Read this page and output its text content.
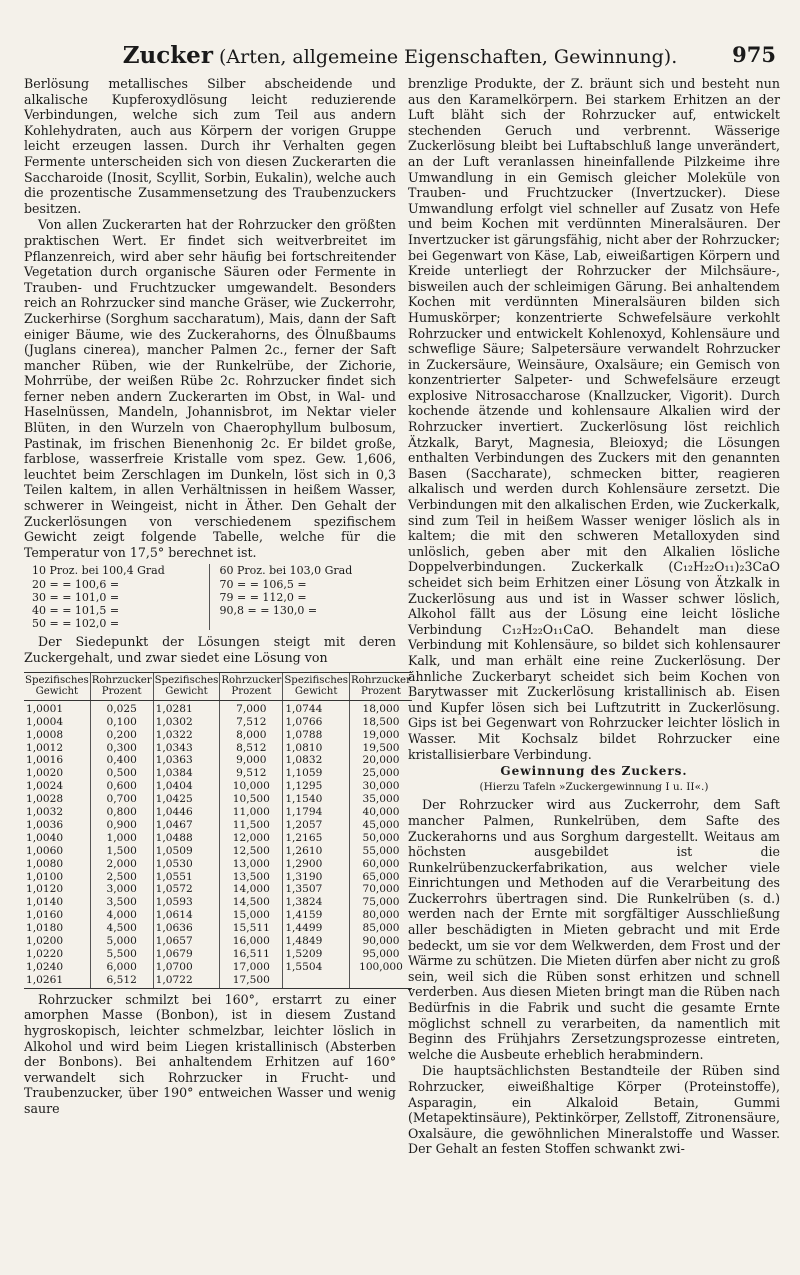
Zucker (Arten, allgemeine Eigenschaften, Gewinnung).	975

Berlösung metallisches Silber abscheidende und alkalische Kupferoxydlösung leicht reduzierende Verbindungen, welche sich zum Teil aus andern Kohlehydraten, auch aus Körpern der vorigen Gruppe leicht erzeugen lassen. Durch ihr Verhalten gegen Fermente unterscheiden sich von diesen Zuckerarten die Saccharoide (Inosit, Scyllit, Sorbin, Eukalin), welche auch die prozentische Zusammensetzung des Traubenzuckers besitzen.

Von allen Zuckerarten hat der Rohrzucker den größten praktischen Wert. Er findet sich weitverbreitet im Pflanzenreich, wird aber sehr häufig bei fortschreitender Vegetation durch organische Säuren oder Fermente in Trauben- und Fruchtzucker umgewandelt. Besonders reich an Rohrzucker sind manche Gräser, wie Zuckerrohr, Zuckerhirse (Sorghum saccharatum), Mais, dann der Saft einiger Bäume, wie des Zuckerahorns, des Ölnußbaums (Juglans cinerea), mancher Palmen 2c., ferner der Saft mancher Rüben, wie der Runkelrübe, der Zichorie, Mohrrübe, der weißen Rübe 2c. Rohrzucker findet sich ferner neben andern Zuckerarten im Obst, in Wal- und Haselnüssen, Mandeln, Johannisbrot, im Nektar vieler Blüten, in den Wurzeln von Chaerophyllum bulbosum, Pastinak, im frischen Bienenhonig 2c. Er bildet große, farblose, wasserfreie Kristalle vom spez. Gew. 1,606, leuchtet beim Zerschlagen im Dunkeln, löst sich in 0,3 Teilen kaltem, in allen Verhältnissen in heißem Wasser, schwerer in Weingeist, nicht in Äther. Den Gehalt der Zuckerlösungen von verschiedenem spezifischem Gewicht zeigt folgende Tabelle, welche für die Temperatur von 17,5° berechnet ist.

10 Proz. bei 100,4 Grad
20 = = 100,6 =
30 = = 101,0 =
40 = = 101,5 =
50 = = 102,0 =
60 Proz. bei 103,0 Grad
70 = = 106,5 =
79 = = 112,0 =
90,8 = = 130,0 =

Der Siedepunkt der Lösungen steigt mit deren Zuckergehalt, und zwar siedet eine Lösung von

Spezifisches Gewicht	Rohrzucker Prozent	Spezifisches Gewicht	Rohrzucker Prozent	Spezifisches Gewicht	Rohrzucker Prozent
1,0001	0,025	1,0281	7,000	1,0744	18,000
1,0004	0,100	1,0302	7,512	1,0766	18,500
1,0008	0,200	1,0322	8,000	1,0788	19,000
1,0012	0,300	1,0343	8,512	1,0810	19,500
1,0016	0,400	1,0363	9,000	1,0832	20,000
1,0020	0,500	1,0384	9,512	1,1059	25,000
1,0024	0,600	1,0404	10,000	1,1295	30,000
1,0028	0,700	1,0425	10,500	1,1540	35,000
1,0032	0,800	1,0446	11,000	1,1794	40,000
1,0036	0,900	1,0467	11,500	1,2057	45,000
1,0040	1,000	1,0488	12,000	1,2165	50,000
1,0060	1,500	1,0509	12,500	1,2610	55,000
1,0080	2,000	1,0530	13,000	1,2900	60,000
1,0100	2,500	1,0551	13,500	1,3190	65,000
1,0120	3,000	1,0572	14,000	1,3507	70,000
1,0140	3,500	1,0593	14,500	1,3824	75,000
1,0160	4,000	1,0614	15,000	1,4159	80,000
1,0180	4,500	1,0636	15,511	1,4499	85,000
1,0200	5,000	1,0657	16,000	1,4849	90,000
1,0220	5,500	1,0679	16,511	1,5209	95,000
1,0240	6,000	1,0700	17,000	1,5504	100,000
1,0261	6,512	1,0722	17,500		

Rohrzucker schmilzt bei 160°, erstarrt zu einer amorphen Masse (Bonbon), ist in diesem Zustand hygroskopisch, leichter schmelzbar, leichter löslich in Alkohol und wird beim Liegen kristallinisch (Absterben der Bonbons). Bei anhaltendem Erhitzen auf 160° verwandelt sich Rohrzucker in Frucht- und Traubenzucker, über 190° entweichen Wasser und wenig saure

brenzlige Produkte, der Z. bräunt sich und besteht nun aus den Karamelkörpern. Bei starkem Erhitzen an der Luft bläht sich der Rohrzucker auf, entwickelt stechenden Geruch und verbrennt. Wässerige Zuckerlösung bleibt bei Luftabschluß lange unverändert, an der Luft veranlassen hineinfallende Pilzkeime ihre Umwandlung in ein Gemisch gleicher Moleküle von Trauben- und Fruchtzucker (Invertzucker). Diese Umwandlung erfolgt viel schneller auf Zusatz von Hefe und beim Kochen mit verdünnten Mineralsäuren. Der Invertzucker ist gärungsfähig, nicht aber der Rohrzucker; bei Gegenwart von Käse, Lab, eiweißartigen Körpern und Kreide unterliegt der Rohrzucker der Milchsäure-, bisweilen auch der schleimigen Gärung. Bei anhaltendem Kochen mit verdünnten Mineralsäuren bilden sich Humuskörper; konzentrierte Schwefelsäure verkohlt Rohrzucker und entwickelt Kohlenoxyd, Kohlensäure und schweflige Säure; Salpetersäure verwandelt Rohrzucker in Zuckersäure, Weinsäure, Oxalsäure; ein Gemisch von konzentrierter Salpeter- und Schwefelsäure erzeugt explosive Nitrosaccharose (Knallzucker, Vigorit). Durch kochende ätzende und kohlensaure Alkalien wird der Rohrzucker invertiert. Zuckerlösung löst reichlich Ätzkalk, Baryt, Magnesia, Bleioxyd; die Lösungen enthalten Verbindungen des Zuckers mit den genannten Basen (Saccharate), schmecken bitter, reagieren alkalisch und werden durch Kohlensäure zersetzt. Die Verbindungen mit den alkalischen Erden, wie Zuckerkalk, sind zum Teil in heißem Wasser weniger löslich als in kaltem; die mit den schweren Metalloxyden sind unlöslich, geben aber mit den Alkalien lösliche Doppelverbindungen. Zuckerkalk (C₁₂H₂₂O₁₁)₂3CaO scheidet sich beim Erhitzen einer Lösung von Ätzkalk in Zuckerlösung aus und ist in Wasser schwer löslich, Alkohol fällt aus der Lösung eine leicht lösliche Verbindung C₁₂H₂₂O₁₁CaO. Behandelt man diese Verbindung mit Kohlensäure, so bildet sich kohlensaurer Kalk, und man erhält eine reine Zuckerlösung. Der ähnliche Zuckerbaryt scheidet sich beim Kochen von Barytwasser mit Zuckerlösung kristallinisch ab. Eisen und Kupfer lösen sich bei Luftzutritt in Zuckerlösung. Gips ist bei Gegenwart von Rohrzucker leichter löslich in Wasser. Mit Kochsalz bildet Rohrzucker eine kristallisierbare Verbindung.

Gewinnung des Zuckers.
(Hierzu Tafeln »Zuckergewinnung I u. II«.)

Der Rohrzucker wird aus Zuckerrohr, dem Saft mancher Palmen, Runkelrüben, dem Safte des Zuckerahorns und aus Sorghum dargestellt. Weitaus am höchsten ausgebildet ist die Runkelrübenzuckerfabrikation, aus welcher viele Einrichtungen und Methoden auf die Verarbeitung des Zuckerrohrs übertragen sind. Die Runkelrüben (s. d.) werden nach der Ernte mit sorgfältiger Ausschließung aller beschädigten in Mieten gebracht und mit Erde bedeckt, um sie vor dem Welkwerden, dem Frost und der Wärme zu schützen. Die Mieten dürfen aber nicht zu groß sein, weil sich die Rüben sonst erhitzen und schnell verderben. Aus diesen Mieten bringt man die Rüben nach Bedürfnis in die Fabrik und sucht die gesamte Ernte möglichst schnell zu verarbeiten, da namentlich mit Beginn des Frühjahrs Zersetzungsprozesse eintreten, welche die Ausbeute erheblich herabmindern.

Die hauptsächlichsten Bestandteile der Rüben sind Rohrzucker, eiweißhaltige Körper (Proteinstoffe), Asparagin, ein Alkaloid Betain, Gummi (Metapektinsäure), Pektinkörper, Zellstoff, Zitronensäure, Oxalsäure, die gewöhnlichen Mineralstoffe und Wasser. Der Gehalt an festen Stoffen schwankt zwi-
